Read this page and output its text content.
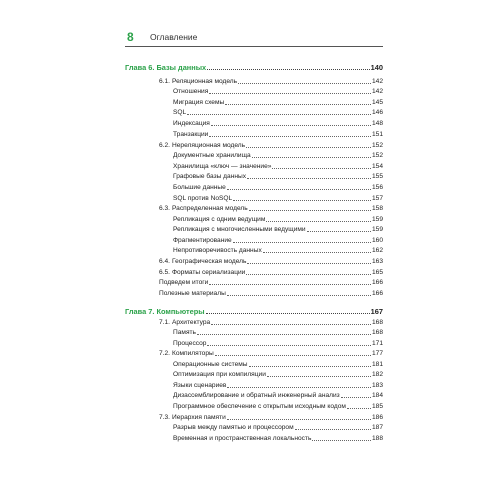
8 Оглавление
Глава 6. Базы данных	140
6.1. Реляционная модель	142
Отношения	142
Миграция схемы	145
SQL	146
Индексация	148
Транзакции	151
6.2. Нереляционная модель	152
Документные хранилища	152
Хранилища «ключ — значение»	154
Графовые базы данных	155
Большие данные	156
SQL против NoSQL	157
6.3. Распределенная модель	158
Репликация с одним ведущим	159
Репликация с многочисленными ведущими	159
Фрагментирование	160
Непротиворечивость данных	162
6.4. Географическая модель	163
6.5. Форматы сериализации	165
Подведем итоги	166
Полезные материалы	166
Глава 7. Компьютеры	167
7.1. Архитектура	168
Память	168
Процессор	171
7.2. Компиляторы	177
Операционные системы	181
Оптимизация при компиляции	182
Языки сценариев	183
Дизассемблирование и обратный инженерный анализ	184
Программное обеспечение с открытым исходным кодом	185
7.3. Иерархия памяти	186
Разрыв между памятью и процессором	187
Временная и пространственная локальность	188
